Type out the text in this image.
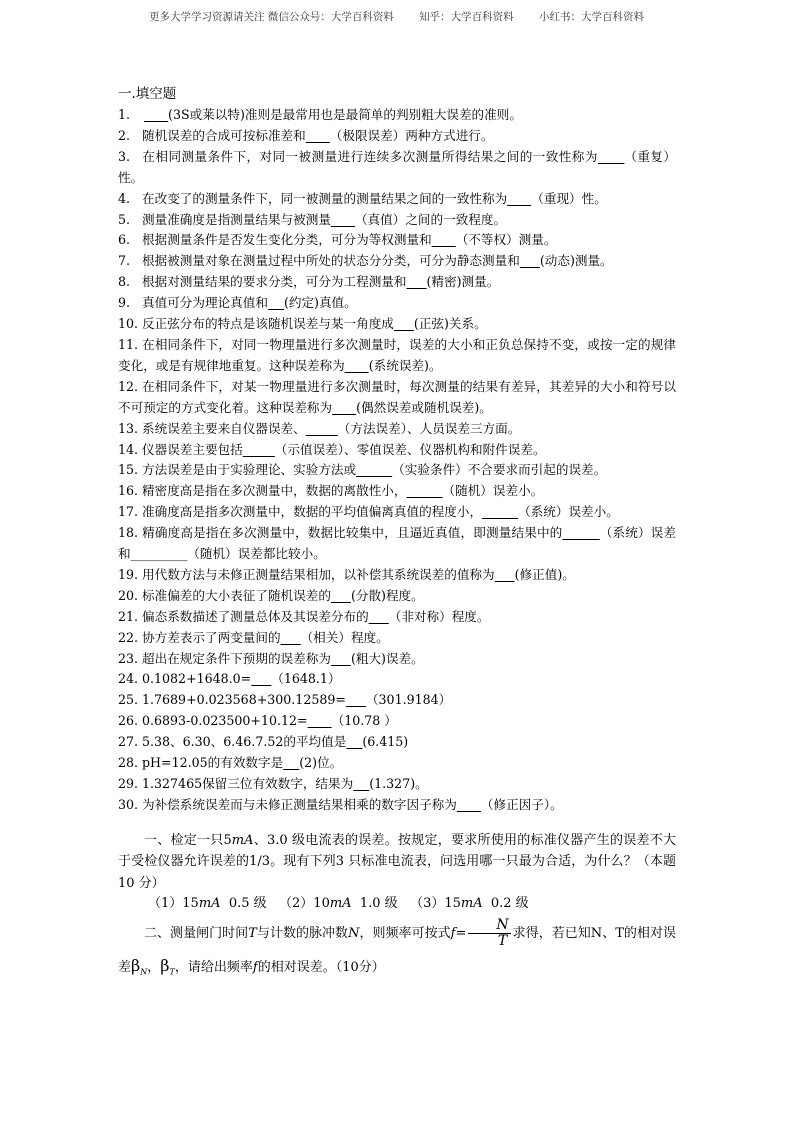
更多大学学习资源请关注 微信公众号：大学百科资料 知乎：大学百科资料 小红书：大学百科资料
一.填空题
1.	(3S或莱以特)准则是最常用也是最简单的判别粗大误差的准则。
2. 随机误差的合成可按标准差和 （极限误差）两种方式进行。
3. 在相同测量条件下，对同一被测量进行连续多次测量所得结果之间的一致性称为 （重复）性。
4. 在改变了的测量条件下，同一被测量的测量结果之间的一致性称为 （重现）性。
5. 测量准确度是指测量结果与被测量 （真值）之间的一致程度。
6. 根据测量条件是否发生变化分类，可分为等权测量和 （不等权）测量。
7. 根据被测量对象在测量过程中所处的状态分分类，可分为静态测量和 (动态)测量。
8. 根据对测量结果的要求分类，可分为工程测量和 (精密)测量。
9. 真值可分为理论真值和 (约定)真值。
10. 反正弦分布的特点是该随机误差与某一角度成 (正弦)关系。
11. 在相同条件下，对同一物理量进行多次测量时，误差的大小和正负总保持不变，或按一定的规律变化，或是有规律地重复。这种误差称为 (系统误差)。
12. 在相同条件下，对某一物理量进行多次测量时，每次测量的结果有差异，其差异的大小和符号以不可预定的方式变化着。这种误差称为 (偶然误差或随机误差)。
13. 系统误差主要来自仪器误差、	（方法误差）、人员误差三方面。
14. 仪器误差主要包括	（示值误差）、零值误差、仪器机构和附件误差。
15. 方法误差是由于实验理论、实验方法或	（实验条件）不合要求而引起的误差。
16. 精密度高是指在多次测量中，数据的离散性小，	（随机）误差小。
17. 准确度高是指多次测量中，数据的平均值偏离真值的程度小，	（系统）误差小。
18. 精确度高是指在多次测量中，数据比较集中，且逼近真值，即测量结果中的	（系统）误差和_________（随机）误差都比较小。
19. 用代数方法与未修正测量结果相加，以补偿其系统误差的值称为 (修正值)。
20. 标准偏差的大小表征了随机误差的 (分散)程度。
21. 偏态系数描述了测量总体及其误差分布的 （非对称）程度。
22. 协方差表示了两变量间的 （相关）程度。
23. 超出在规定条件下预期的误差称为 (粗大)误差。
24. 0.1082+1648.0= （1648.1）
25. 1.7689+0.023568+300.12589= （301.9184）
26. 0.6893-0.023500+10.12= （10.78 ）
27. 5.38、6.30、6.46.7.52的平均值是 (6.415)
28. pH=12.05的有效数字是 (2)位。
29. 1.327465保留三位有效数字，结果为 (1.327)。
30. 为补偿系统误差而与未修正测量结果相乘的数字因子称为 （修正因子）。
一、检定一只5mA、3.0 级电流表的误差。按规定，要求所使用的标准仪器产生的误差不大于受检仪器允许误差的1/3。现有下列3 只标准电流表，问选用哪一只最为合适，为什么？（本题10 分）
（1）15mA 0.5 级 （2）10mA 1.0 级 （3）15mA 0.2 级
二、测量闸门时间T与计数的脉冲数N，则频率可按式$f= \frac{N}{T}$ 求得，若已知N、T的相对误差$\beta_N$，$\beta_T$，请给出频率f的相对误差。（10分）
